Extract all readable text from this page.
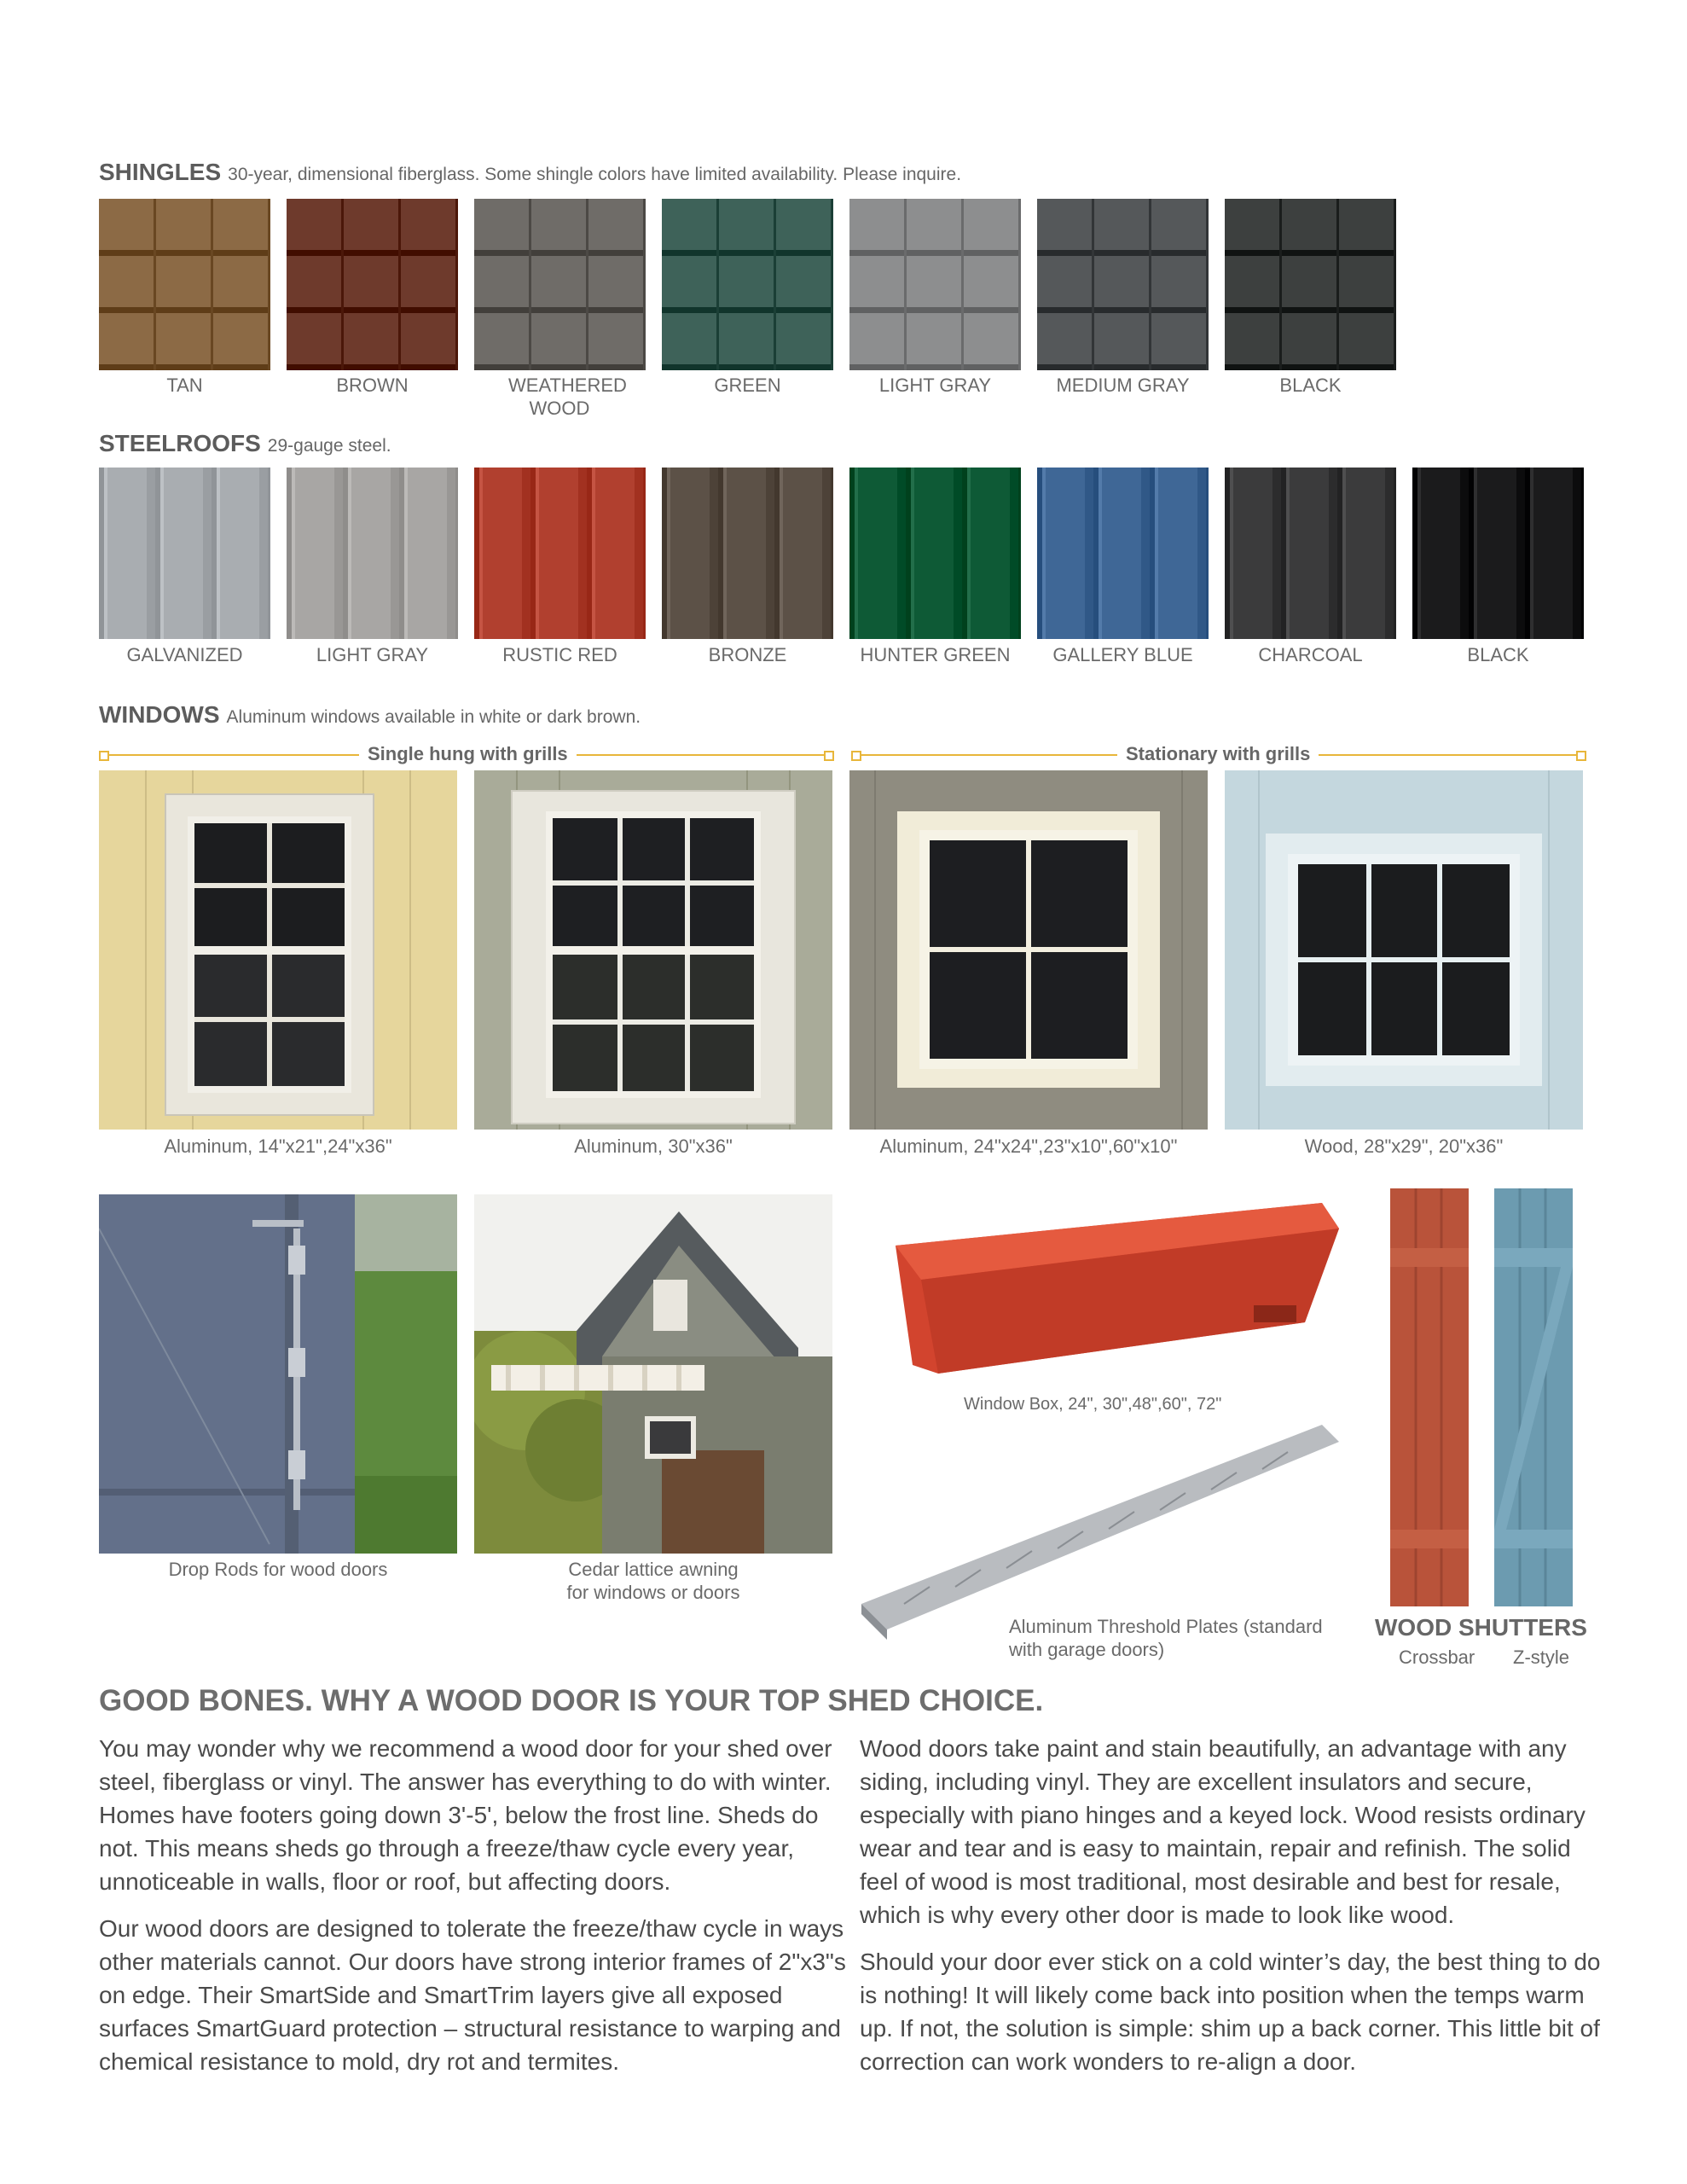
SHINGLES 30-year, dimensional fiberglass. Some shingle colors have limited availability. Please inquire.
TAN	BROWN	WEATHERED WOOD
GREEN	LIGHT GRAY	MEDIUM GRAY	BLACK
STEELROOFS 29-gauge steel.
GALVANIZED	LIGHT GRAY	RUSTIC RED	BRONZE	HUNTER GREEN	GALLERY BLUE	CHARCOAL	BLACK
WINDOWS Aluminum windows available in white or dark brown.
Single hung with grills	Stationary with grills
Aluminum, 14"x21",24"x36"	Aluminum, 30"x36"	Aluminum, 24"x24",23"x10",60"x10"	Wood, 28"x29", 20"x36"
Drop Rods for wood doors	Cedar lattice awning
for windows or doors
Window Box, 24", 30",48",60", 72"
Aluminum Threshold Plates (standard
with garage doors)
WOOD SHUTTERS
Crossbar Z-style
GOOD BONES. WHY A WOOD DOOR IS YOUR TOP SHED CHOICE.

You may wonder why we recommend a wood door for your shed over steel, fiberglass or vinyl. The answer has everything to do with winter. Homes have footers going down 3'-5', below the frost line. Sheds do not. This means sheds go through a freeze/thaw cycle every year, unnoticeable in walls, floor or roof, but affecting doors.

Our wood doors are designed to tolerate the freeze/thaw cycle in ways other materials cannot. Our doors have strong interior frames of 2"x3"s on edge. Their SmartSide and SmartTrim layers give all exposed surfaces SmartGuard protection – structural resistance to warping and chemical resistance to mold, dry rot and termites.

Wood doors take paint and stain beautifully, an advantage with any siding, including vinyl. They are excellent insulators and secure, especially with piano hinges and a keyed lock. Wood resists ordinary wear and tear and is easy to maintain, repair and refinish. The solid feel of wood is most traditional, most desirable and best for resale, which is why every other door is made to look like wood.

Should your door ever stick on a cold winter’s day, the best thing to do is nothing! It will likely come back into position when the temps warm up. If not, the solution is simple: shim up a back corner. This little bit of correction can work wonders to re-align a door.
